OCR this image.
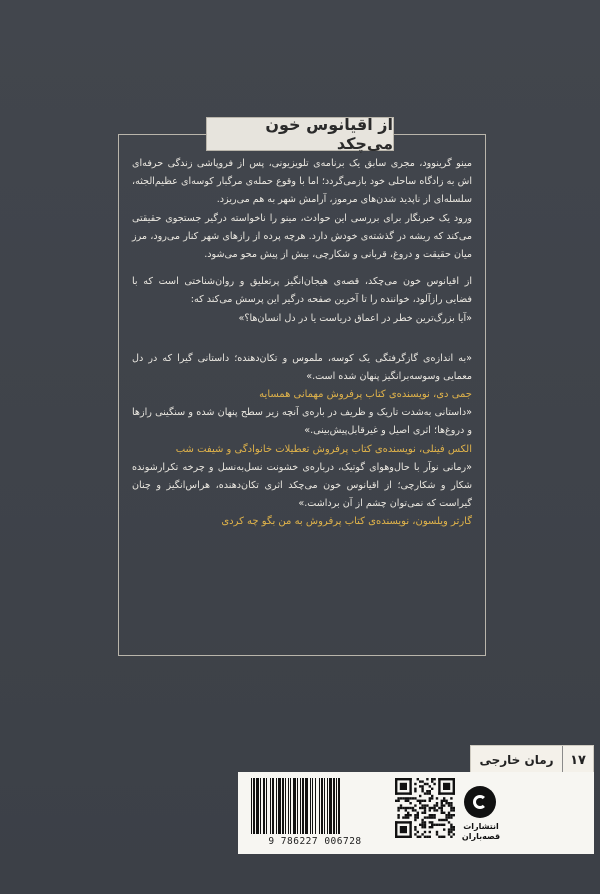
از اقیانوس خون می‌چکد

مینو گرینوود، مجری سابق یک برنامه‌ی تلویزیونی، پس از فروپاشی زندگی حرفه‌ای اش به زادگاه ساحلی خود بازمی‌گردد؛ اما با وقوع حمله‌ی مرگبار کوسه‌ای عظیم‌الجثه، سلسله‌ای از ناپدید شدن‌های مرموز، آرامش شهر به هم می‌ریزد.

ورود یک خبرنگار برای بررسی این حوادث، مینو را ناخواسته درگیر جستجوی حقیقتی می‌کند که ریشه در گذشته‌ی خودش دارد. هرچه پرده از رازهای شهر کنار می‌رود، مرز میان حقیقت و دروغ، قربانی و شکارچی، بیش از پیش محو می‌شود.

از اقیانوس خون می‌چکد، قصه‌ی هیجان‌انگیز پرتعلیق و روان‌شناختی است که با فضایی رازآلود، خواننده را تا آخرین صفحه درگیر این پرسش می‌کند که:

«آیا بزرگ‌ترین خطر در اعماق دریاست یا در دل انسان‌ها؟»

«به اندازه‌ی گازگرفتگی یک کوسه، ملموس و تکان‌دهنده؛ داستانی گیرا که در دل معمایی وسوسه‌برانگیز پنهان شده است.»

جمی دی، نویسنده‌ی کتاب پرفروش مهمانی همسایه

«داستانی به‌شدت تاریک و ظریف در باره‌ی آنچه زیر سطح پنهان شده و سنگینی رازها و دروغ‌ها؛ اثری اصیل و غیرقابل‌پیش‌بینی.»

الکس فینلی، نویسنده‌ی کتاب پرفروش تعطیلات خانوادگی و شیفت شب

«رمانی نوآر با حال‌وهوای گوتیک، درباره‌ی خشونت نسل‌به‌نسل و چرخه تکرارشونده شکار و شکارچی؛ از اقیانوس خون می‌چکد اثری تکان‌دهنده، هراس‌انگیز و چنان گیراست که نمی‌توان چشم از آن برداشت.»

گارتر ویلسون، نویسنده‌ی کتاب پرفروش به من بگو چه کردی

رمان خارجی	۱۷
9 786227 006728
انتشارات
قصه‌باران
